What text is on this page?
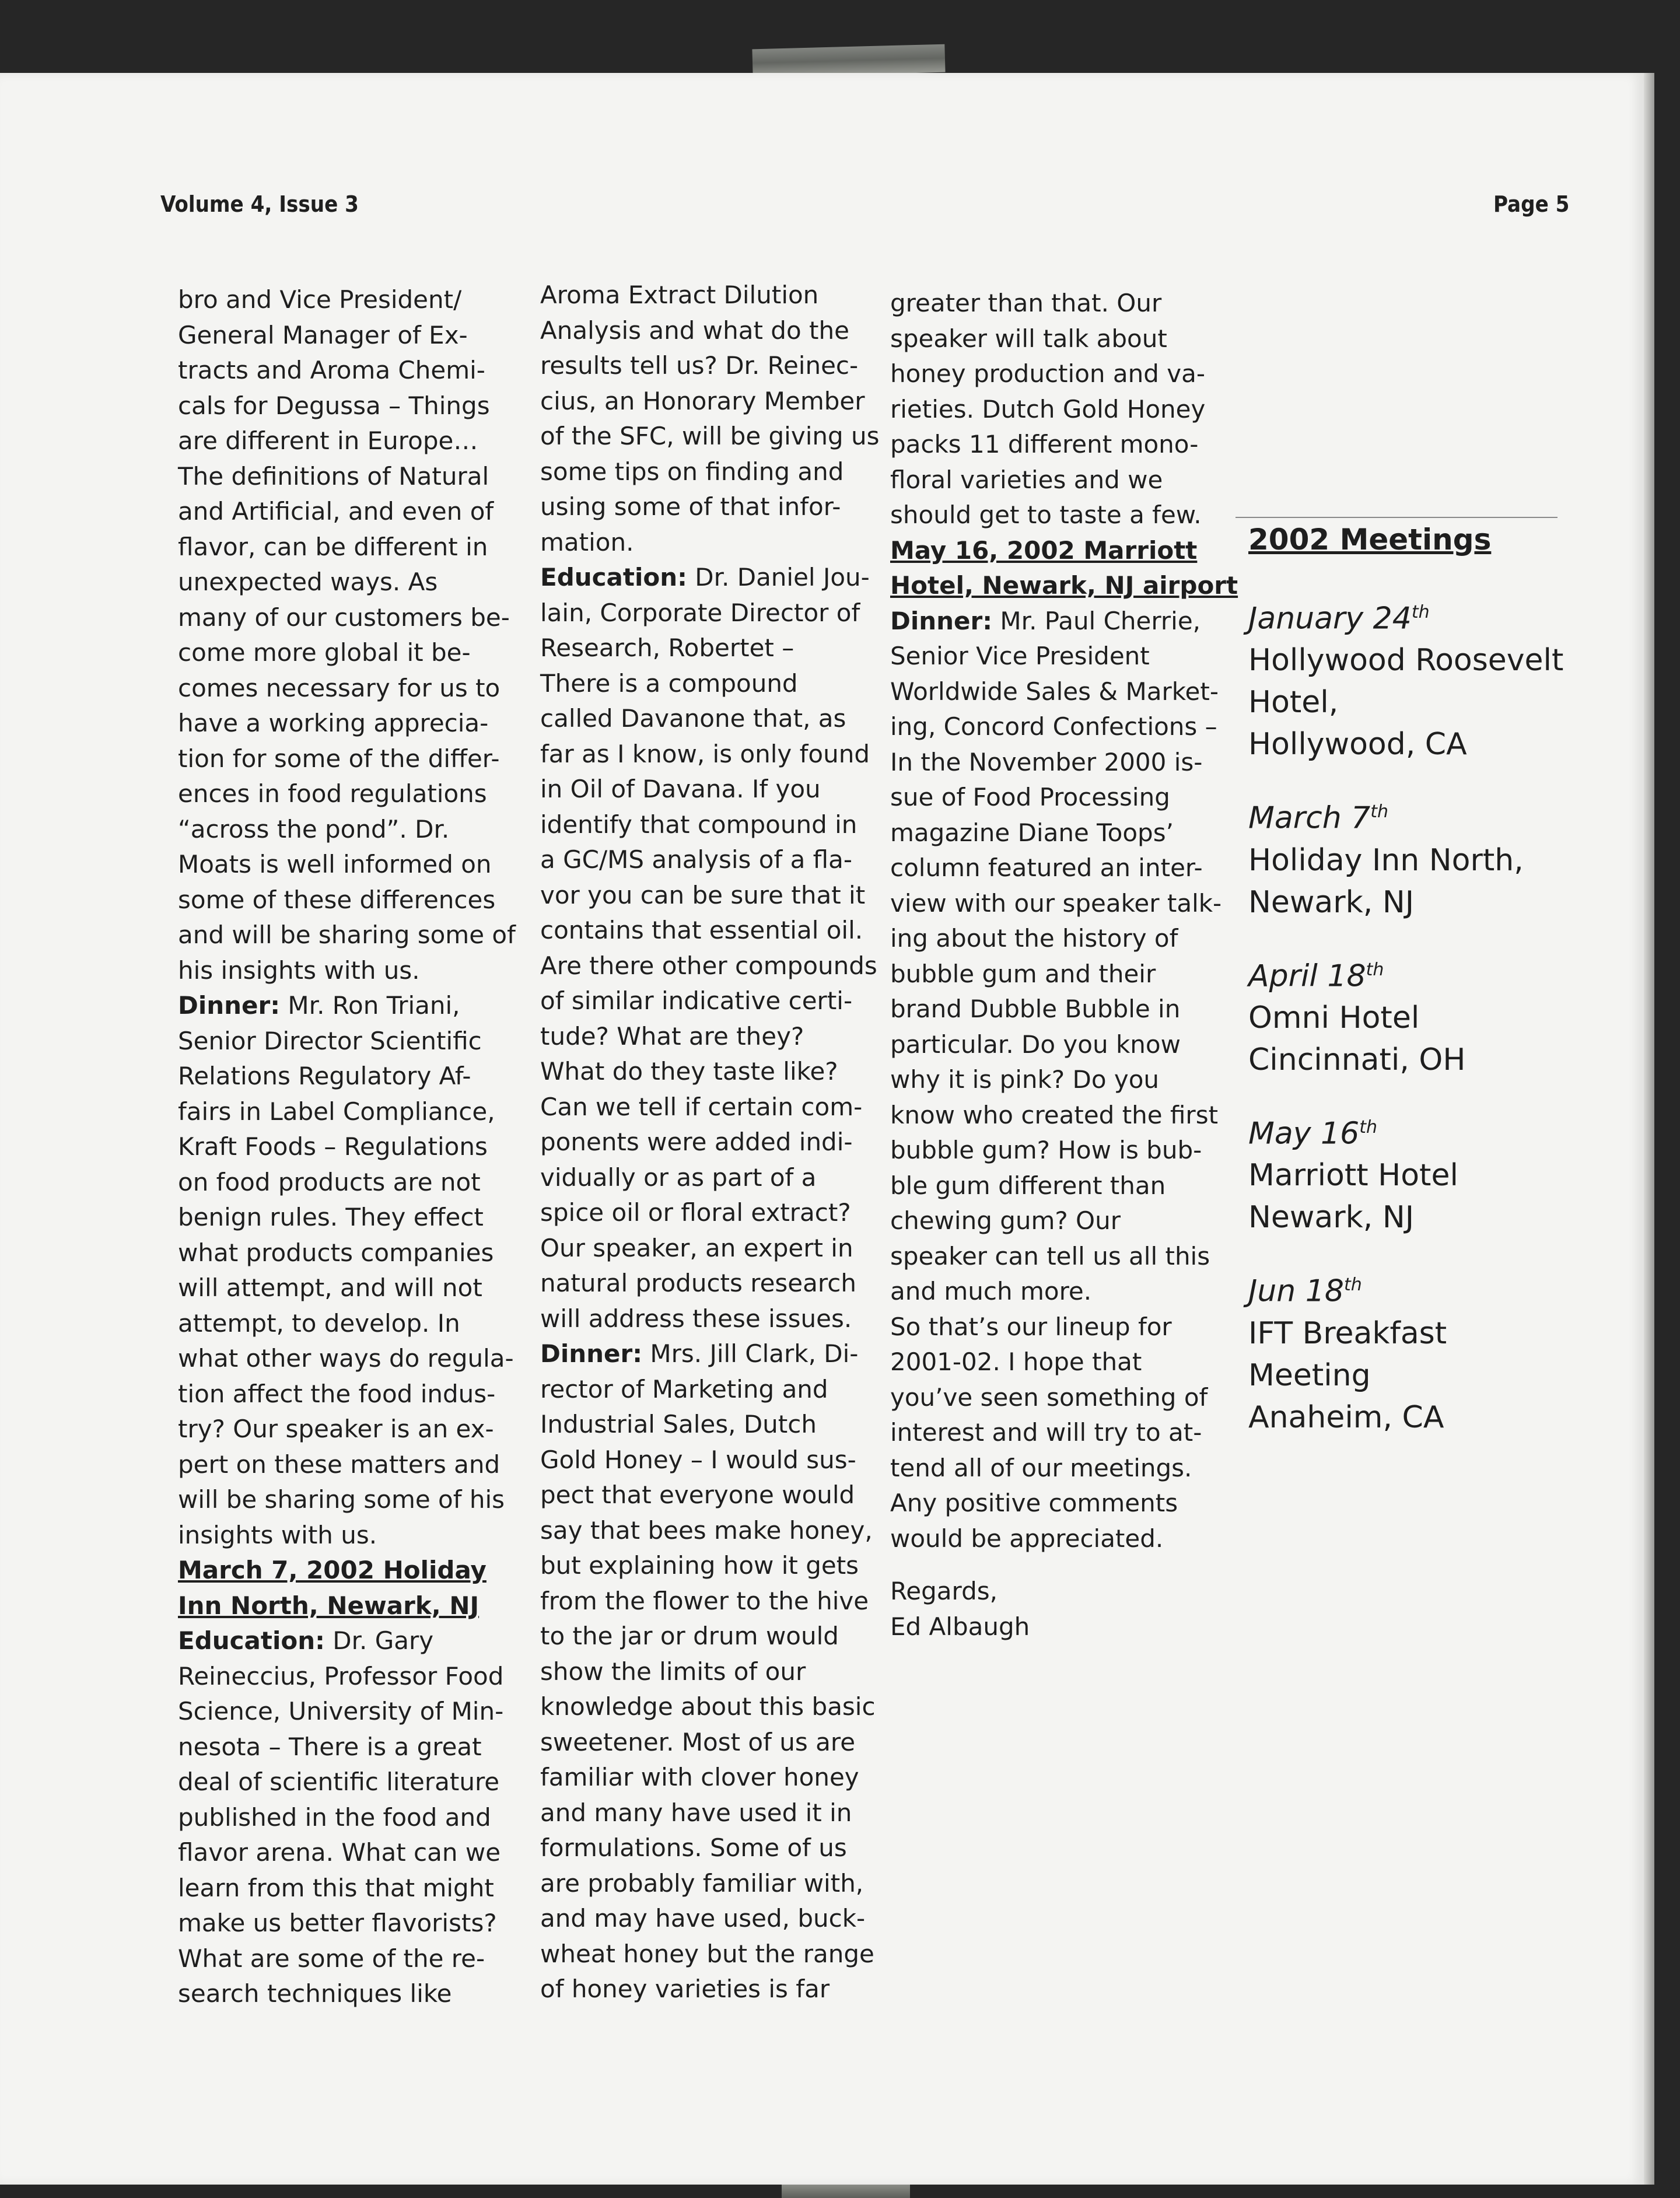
Volume 4, Issue 3	Page 5
bro and Vice President/
General Manager of Ex-
tracts and Aroma Chemi-
cals for Degussa – Things
are different in Europe…
The definitions of Natural
and Artificial, and even of
flavor, can be different in
unexpected ways. As
many of our customers be-
come more global it be-
comes necessary for us to
have a working apprecia-
tion for some of the differ-
ences in food regulations
“across the pond”. Dr.
Moats is well informed on
some of these differences
and will be sharing some of
his insights with us.
Dinner: Mr. Ron Triani,
Senior Director Scientific
Relations Regulatory Af-
fairs in Label Compliance,
Kraft Foods – Regulations
on food products are not
benign rules. They effect
what products companies
will attempt, and will not
attempt, to develop. In
what other ways do regula-
tion affect the food indus-
try? Our speaker is an ex-
pert on these matters and
will be sharing some of his
insights with us.
March 7, 2002 Holiday
Inn North, Newark, NJ
Education: Dr. Gary
Reineccius, Professor Food
Science, University of Min-
nesota – There is a great
deal of scientific literature
published in the food and
flavor arena. What can we
learn from this that might
make us better flavorists?
What are some of the re-
search techniques like
Aroma Extract Dilution
Analysis and what do the
results tell us? Dr. Reinec-
cius, an Honorary Member
of the SFC, will be giving us
some tips on finding and
using some of that infor-
mation.
Education: Dr. Daniel Jou-
lain, Corporate Director of
Research, Robertet –
There is a compound
called Davanone that, as
far as I know, is only found
in Oil of Davana. If you
identify that compound in
a GC/MS analysis of a fla-
vor you can be sure that it
contains that essential oil.
Are there other compounds
of similar indicative certi-
tude? What are they?
What do they taste like?
Can we tell if certain com-
ponents were added indi-
vidually or as part of a
spice oil or floral extract?
Our speaker, an expert in
natural products research
will address these issues.
Dinner: Mrs. Jill Clark, Di-
rector of Marketing and
Industrial Sales, Dutch
Gold Honey – I would sus-
pect that everyone would
say that bees make honey,
but explaining how it gets
from the flower to the hive
to the jar or drum would
show the limits of our
knowledge about this basic
sweetener. Most of us are
familiar with clover honey
and many have used it in
formulations. Some of us
are probably familiar with,
and may have used, buck-
wheat honey but the range
of honey varieties is far
greater than that. Our
speaker will talk about
honey production and va-
rieties. Dutch Gold Honey
packs 11 different mono-
floral varieties and we
should get to taste a few.
May 16, 2002 Marriott
Hotel, Newark, NJ airport
Dinner: Mr. Paul Cherrie,
Senior Vice President
Worldwide Sales & Market-
ing, Concord Confections –
In the November 2000 is-
sue of Food Processing
magazine Diane Toops’
column featured an inter-
view with our speaker talk-
ing about the history of
bubble gum and their
brand Dubble Bubble in
particular. Do you know
why it is pink? Do you
know who created the first
bubble gum? How is bub-
ble gum different than
chewing gum? Our
speaker can tell us all this
and much more.
So that’s our lineup for
2001-02. I hope that
you’ve seen something of
interest and will try to at-
tend all of our meetings.
Any positive comments
would be appreciated.
Regards,
Ed Albaugh
2002 Meetings
January 24th
Hollywood Roosevelt
Hotel,
Hollywood, CA
March 7th
Holiday Inn North,
Newark, NJ
April 18th
Omni Hotel
Cincinnati, OH
May 16th
Marriott Hotel
Newark, NJ
Jun 18th
IFT Breakfast
Meeting
Anaheim, CA
